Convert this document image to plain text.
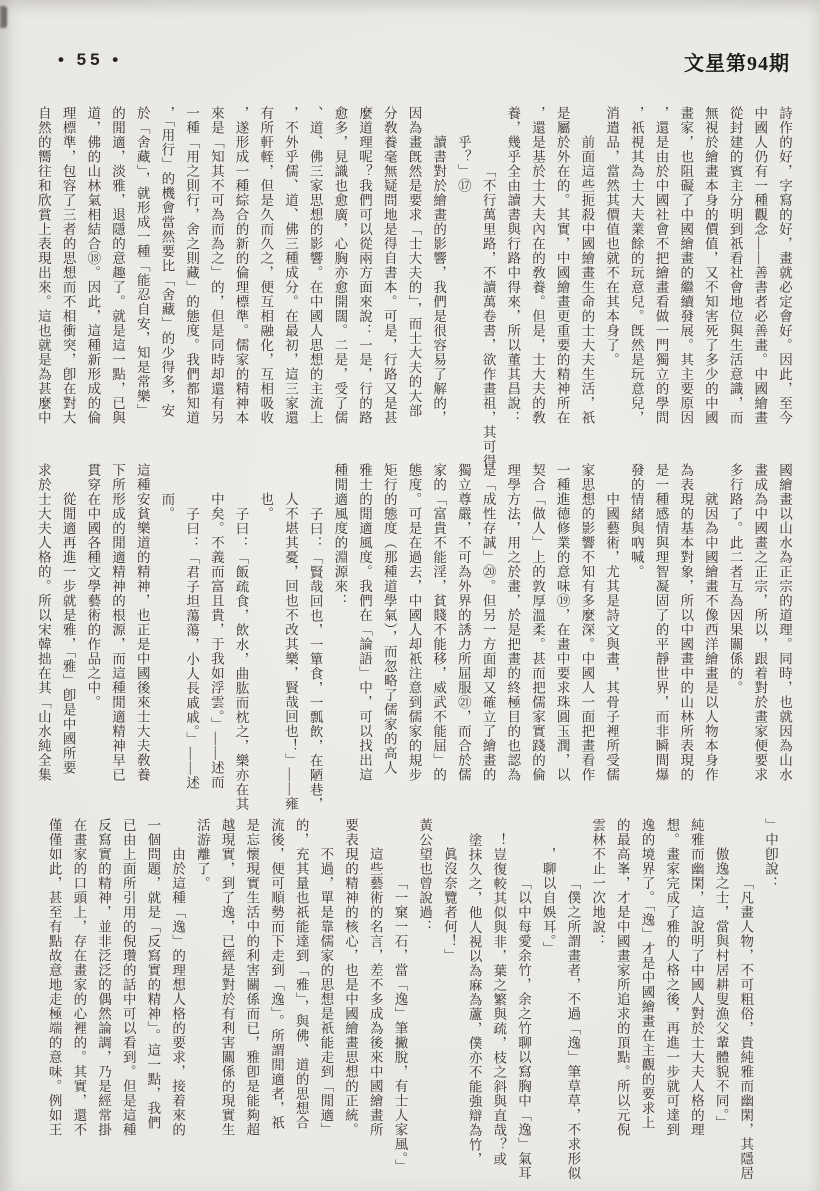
• 55 •	文星第94期
詩作的好，字寫的好，畫就必定會好。因此，至今
中國人仍有一種觀念——善書者必善畫。中國繪畫
從封建的賓主分明到祇看社會地位與生活意識，而
無視於繪畫本身的價值，又不知害死了多少的中國
畫家，也阻礙了中國繪畫的繼續發展。其主要原因
，還是由於中國社會不把繪畫看做一門獨立的學問
，祇視其為士大夫業餘的玩意兒。旣然是玩意兒，
消遣品，當然其價值也就不在其本身了。
前面這些扼殺中國繪畫生命的士大夫生活，祇
是屬於外在的。其實，中國繪畫更重要的精神所在
，還是基於士大夫內在的敎養。但是，士大夫的敎
養，幾乎全由讀書與行路中得來，所以董其昌說：
「不行萬里路，不讀萬卷書，欲作畫祖，其可得
乎？」⑰
讀書對於繪畫的影響，我們是很容易了解的，
因為畫旣然是要求「士大夫的」，而士大夫的大部
分敎養毫無疑問地是得自書本。可是，行路又是甚
麼道理呢？我們可以從兩方面來說：一是，行的路
愈多，見識也愈廣，心胸亦愈開闊。二是，受了儒
、道、佛三家思想的影響。在中國人思想的主流上
，不外乎儒、道、佛三種成分。在最初，這三家還
有所軒輊，但是久而久之，便互相融化，互相吸收
，遂形成一種綜合的新的倫理標準。儒家的精神本
來是「知其不可為而為之」的，但是同時却還有另
一種「用之則行，舍之則藏」的態度。我們都知道
，「用行」的機會當然要比「舍藏」的少得多，安
於「舍藏」，就形成一種「能忍自安，知是常樂」
的閒適，淡雅，退隱的意趣了。就是這一點，已與
道，佛的山林氣相結合⑱。因此，這種新形成的倫
理標準，包容了三者的思想而不相衝突，卽在對大
自然的嚮往和欣賞上表現出來。這也就是為甚麼中
國繪畫以山水為正宗的道理。同時，也就因為山水
畫成為中國畫之正宗，所以，跟着對於畫家便要求
多行路了。此二者互為因果關係的。
就因為中國繪畫不像西洋繪畫是以人物本身作
為表現的基本對象，所以中國畫中的山林所表現的
是一種感情與理智凝固了的平靜世界，而非瞬間爆
發的情緒與吶喊。
中國藝術，尤其是詩文與畫，其骨子裡所受儒
家思想的影響不知有多麼深。中國人一面把畫看作
一種進德修業的意味⑲，在畫中要求珠圓玉潤，以
契合「做人」上的敦厚溫柔。甚而把儒家實踐的倫
理學方法，用之於畫，於是把畫的終極目的也認為
是「成性存誠」⑳。但另一方面却又確立了繪畫的
獨立尊嚴，不可為外界的誘力所屈服㉑，而合於儒
家的「富貴不能淫，貧賤不能移，威武不能屈」的
態度。可是在過去，中國人却祇注意到儒家的規步
矩行的態度（那種道學氣），而忽略了儒家的高人
雅士的閒適風度。我們在「論語」中，可以找出這
種閒適風度的淵源來：
子曰：「賢哉回也，一簞食，一瓢飲，在陋巷，
人不堪其憂，回也不改其樂，賢哉回也！」——雍
也。
子曰：「飯疏食，飲水，曲肱而枕之，樂亦在其
中矣。不義而富且貴，于我如浮雲。」——述而
子曰：「君子坦蕩蕩，小人長戚戚。」——述
而。
這種安貧樂道的精神，也正是中國後來士大夫敎養
下所形成的閒適精神的根源，而這種閒適精神早已
貫穿在中國各種文學藝術的作品之中。
從閒適再進一步就是雅，「雅」卽是中國所要
求於士大夫人格的。所以宋韓拙在其「山水純全集
」中卽說：
「凡畫人物，不可粗俗，貴純雅而幽閑，其隱居
傲逸之士，當與村居耕叟漁父輩體貌不同。」
純雅而幽閑，這說明了中國人對於士大夫人格的理
想。畫家完成了雅的人格之後，再進一步就可達到
逸的境界了。「逸」才是中國繪畫在主觀的要求上
的最高峯，才是中國畫家所追求的頂點。所以元倪
雲林不止一次地說：
「僕之所謂畫者，不過「逸」筆草草，不求形似
，聊以自娛耳。」
「以中每愛余竹，余之竹聊以寫胸中「逸」氣耳
！豈復較其似與非，葉之繁與疏，枝之斜與直哉？或
塗抹久之，他人視以為麻為蘆，僕亦不能強辯為竹，
眞沒奈覽者何！」
黃公望也曾說過：
「一窠一石，當「逸」筆撇脫，有士人家風。」
這些藝術的名言，差不多成為後來中國繪畫所
要表現的精神的核心，也是中國繪畫思想的正統。
不過，單是靠儒家的思想是祇能走到「閒適」
的，充其量也祇能達到「雅」，與佛、道的思想合
流後，便可順勢而下走到「逸」。所謂閒適者，祇
是忘懷現實生活中的利害關係而已，雅卽是能夠超
越現實，到了逸，已經是對於有利害關係的現實生
活游離了。
由於這種「逸」的理想人格的要求，接着來的
一個問題，就是「反寫實的精神」。這一點，我們
已由上面所引用的倪瓚的話中可以看到。但是這種
反寫實的精神，並非泛泛的偶然論調，乃是經常掛
在畫家的口頭上，存在畫家的心裡的。其實，還不
僅僅如此，甚至有點故意地走極端的意味。例如王
